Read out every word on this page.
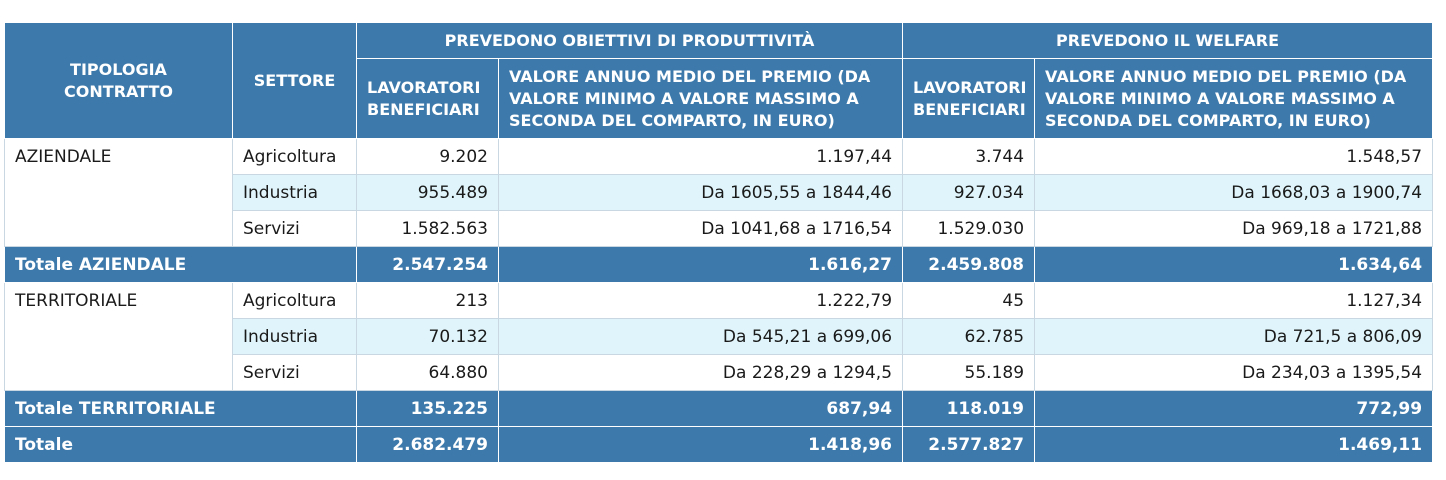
TIPOLOGIA CONTRATTO	SETTORE	PREVEDONO OBIETTIVI DI PRODUTTIVITÀ		PREVEDONO IL WELFARE	
		LAVORATORI BENEFICIARI	VALORE ANNUO MEDIO DEL PREMIO (DA VALORE MINIMO A VALORE MASSIMO A SECONDA DEL COMPARTO, IN EURO)	LAVORATORI BENEFICIARI	VALORE ANNUO MEDIO DEL PREMIO (DA VALORE MINIMO A VALORE MASSIMO A SECONDA DEL COMPARTO, IN EURO)
AZIENDALE	Agricoltura	9.202	1.197,44	3.744	1.548,57
	Industria	955.489	Da 1605,55 a 1844,46	927.034	Da 1668,03 a 1900,74
	Servizi	1.582.563	Da 1041,68 a 1716,54	1.529.030	Da 969,18 a 1721,88
Totale AZIENDALE		2.547.254	1.616,27	2.459.808	1.634,64
TERRITORIALE	Agricoltura	213	1.222,79	45	1.127,34
	Industria	70.132	Da 545,21 a 699,06	62.785	Da 721,5 a 806,09
	Servizi	64.880	Da 228,29 a 1294,5	55.189	Da 234,03 a 1395,54
Totale TERRITORIALE		135.225	687,94	118.019	772,99
Totale		2.682.479	1.418,96	2.577.827	1.469,11
